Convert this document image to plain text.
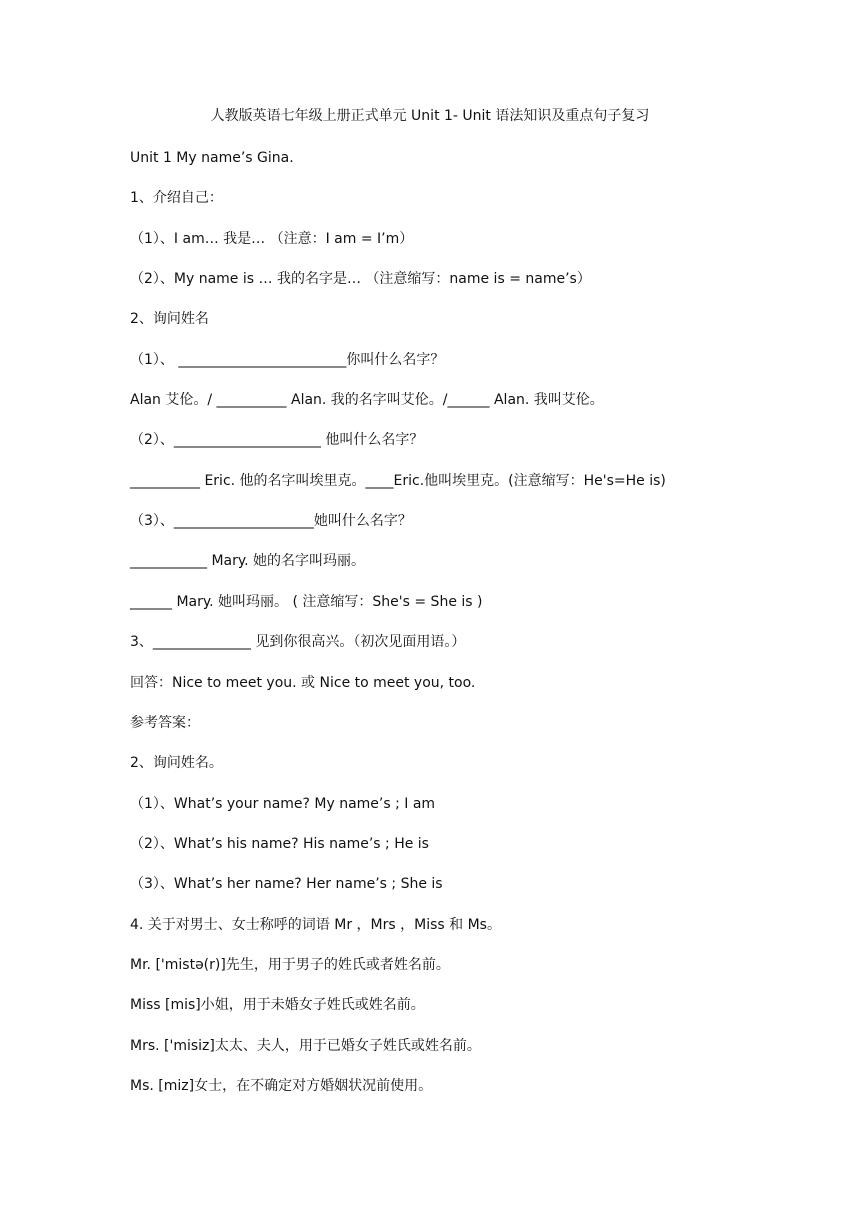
人教版英语七年级上册正式单元 Unit 1- Unit 语法知识及重点句子复习
Unit 1 My name’s Gina.
1、介绍自己：
（1）、I am… 我是… （注意：I am = I’m）
（2）、My name is … 我的名字是… （注意缩写：name is = name’s）
2、询问姓名
（1）、 ________________________你叫什么名字？
Alan 艾伦。/ __________ Alan. 我的名字叫艾伦。/______ Alan. 我叫艾伦。
（2）、_____________________ 他叫什么名字？
__________ Eric. 他的名字叫埃里克。____Eric.他叫埃里克。(注意缩写：He's=He is)
（3）、____________________她叫什么名字？
___________ Mary. 她的名字叫玛丽。
______ Mary. 她叫玛丽。 ( 注意缩写：She's = She is )
3、______________ 见到你很高兴。（初次见面用语。）
回答：Nice to meet you. 或 Nice to meet you, too.
参考答案：
2、询问姓名。
（1）、What’s your name? My name’s ; I am
（2）、What’s his name? His name’s ; He is
（3）、What’s her name? Her name’s ; She is
4. 关于对男士、女士称呼的词语 Mr ，Mrs ，Miss 和 Ms。
Mr. ['mistə(r)]先生，用于男子的姓氏或者姓名前。
Miss [mis]小姐，用于未婚女子姓氏或姓名前。
Mrs. ['misiz]太太、夫人，用于已婚女子姓氏或姓名前。
Ms. [miz]女士，在不确定对方婚姻状况前使用。
